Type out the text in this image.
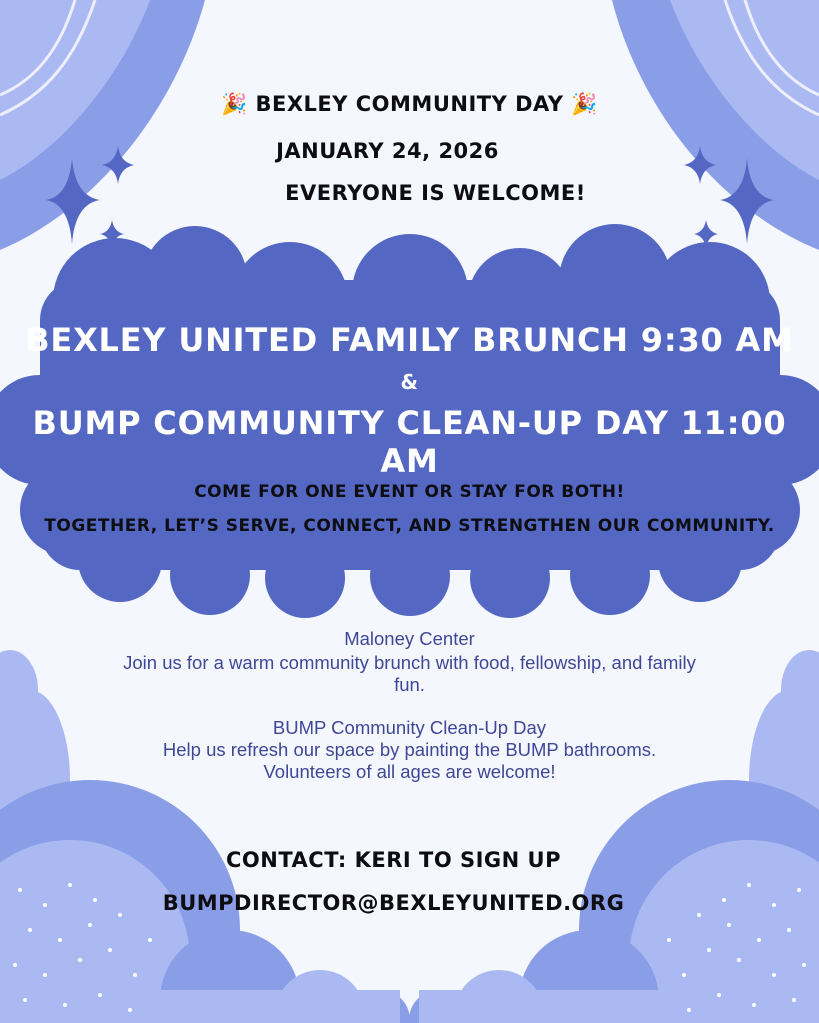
🎉 BEXLEY COMMUNITY DAY 🎉
JANUARY 24, 2026
EVERYONE IS WELCOME!
BEXLEY UNITED FAMILY BRUNCH 9:30 AM
&
BUMP COMMUNITY CLEAN-UP DAY 11:00 AM
COME FOR ONE EVENT OR STAY FOR BOTH!
TOGETHER, LET’S SERVE, CONNECT, AND STRENGTHEN OUR COMMUNITY.
Maloney Center
Join us for a warm community brunch with food, fellowship, and family
fun.
BUMP Community Clean-Up Day
Help us refresh our space by painting the BUMP bathrooms.
Volunteers of all ages are welcome!
CONTACT: KERI TO SIGN UP
BUMPDIRECTOR@BEXLEYUNITED.ORG
